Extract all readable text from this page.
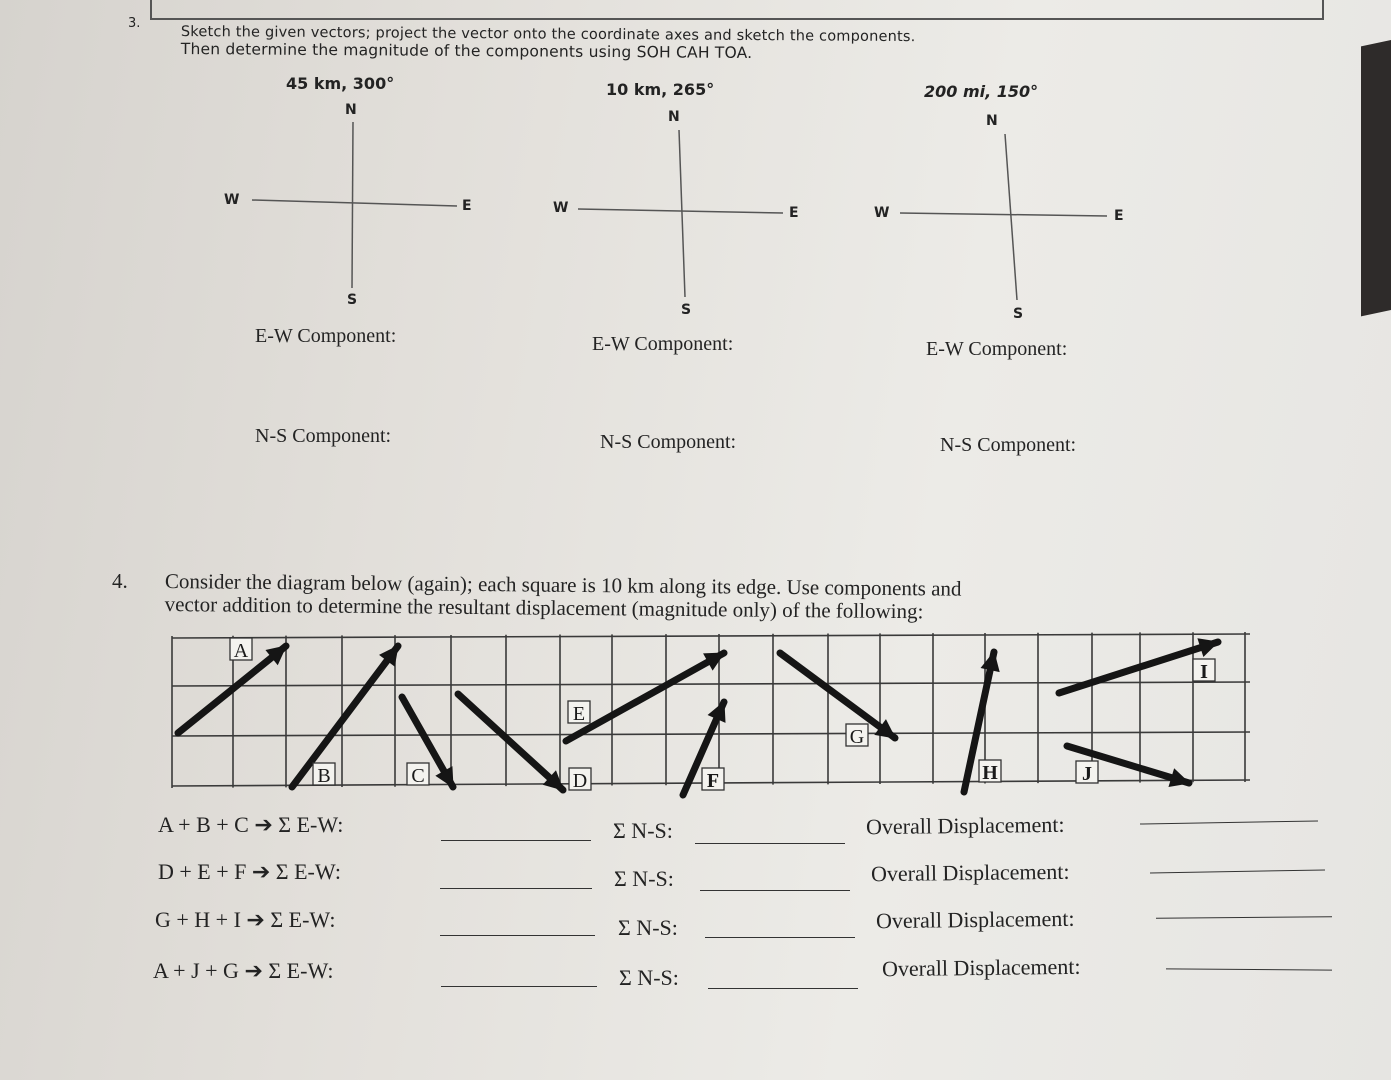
3.
Sketch the given vectors; project the vector onto the coordinate axes and sketch the components.
Then determine the magnitude of the components using SOH CAH TOA.
45 km, 300°
N
W	E
S
E-W Component:
N-S Component:
10 km, 265°
N
W	E
S
E-W Component:
N-S Component:
200 mi, 150°
N
W	E
S
E-W Component:
N-S Component:
A
B	C	D
E
F
G
H
I
J
4. Consider the diagram below (again); each square is 10 km along its edge. Use components and
vector addition to determine the resultant displacement (magnitude only) of the following:
A + B + C ➔ Σ E-W:	Σ N-S:	Overall Displacement:
D + E + F ➔ Σ E-W:	Σ N-S:	Overall Displacement:
G + H + I ➔ Σ E-W:	Σ N-S:	Overall Displacement:
A + J + G ➔ Σ E-W:	Σ N-S:	Overall Displacement:
